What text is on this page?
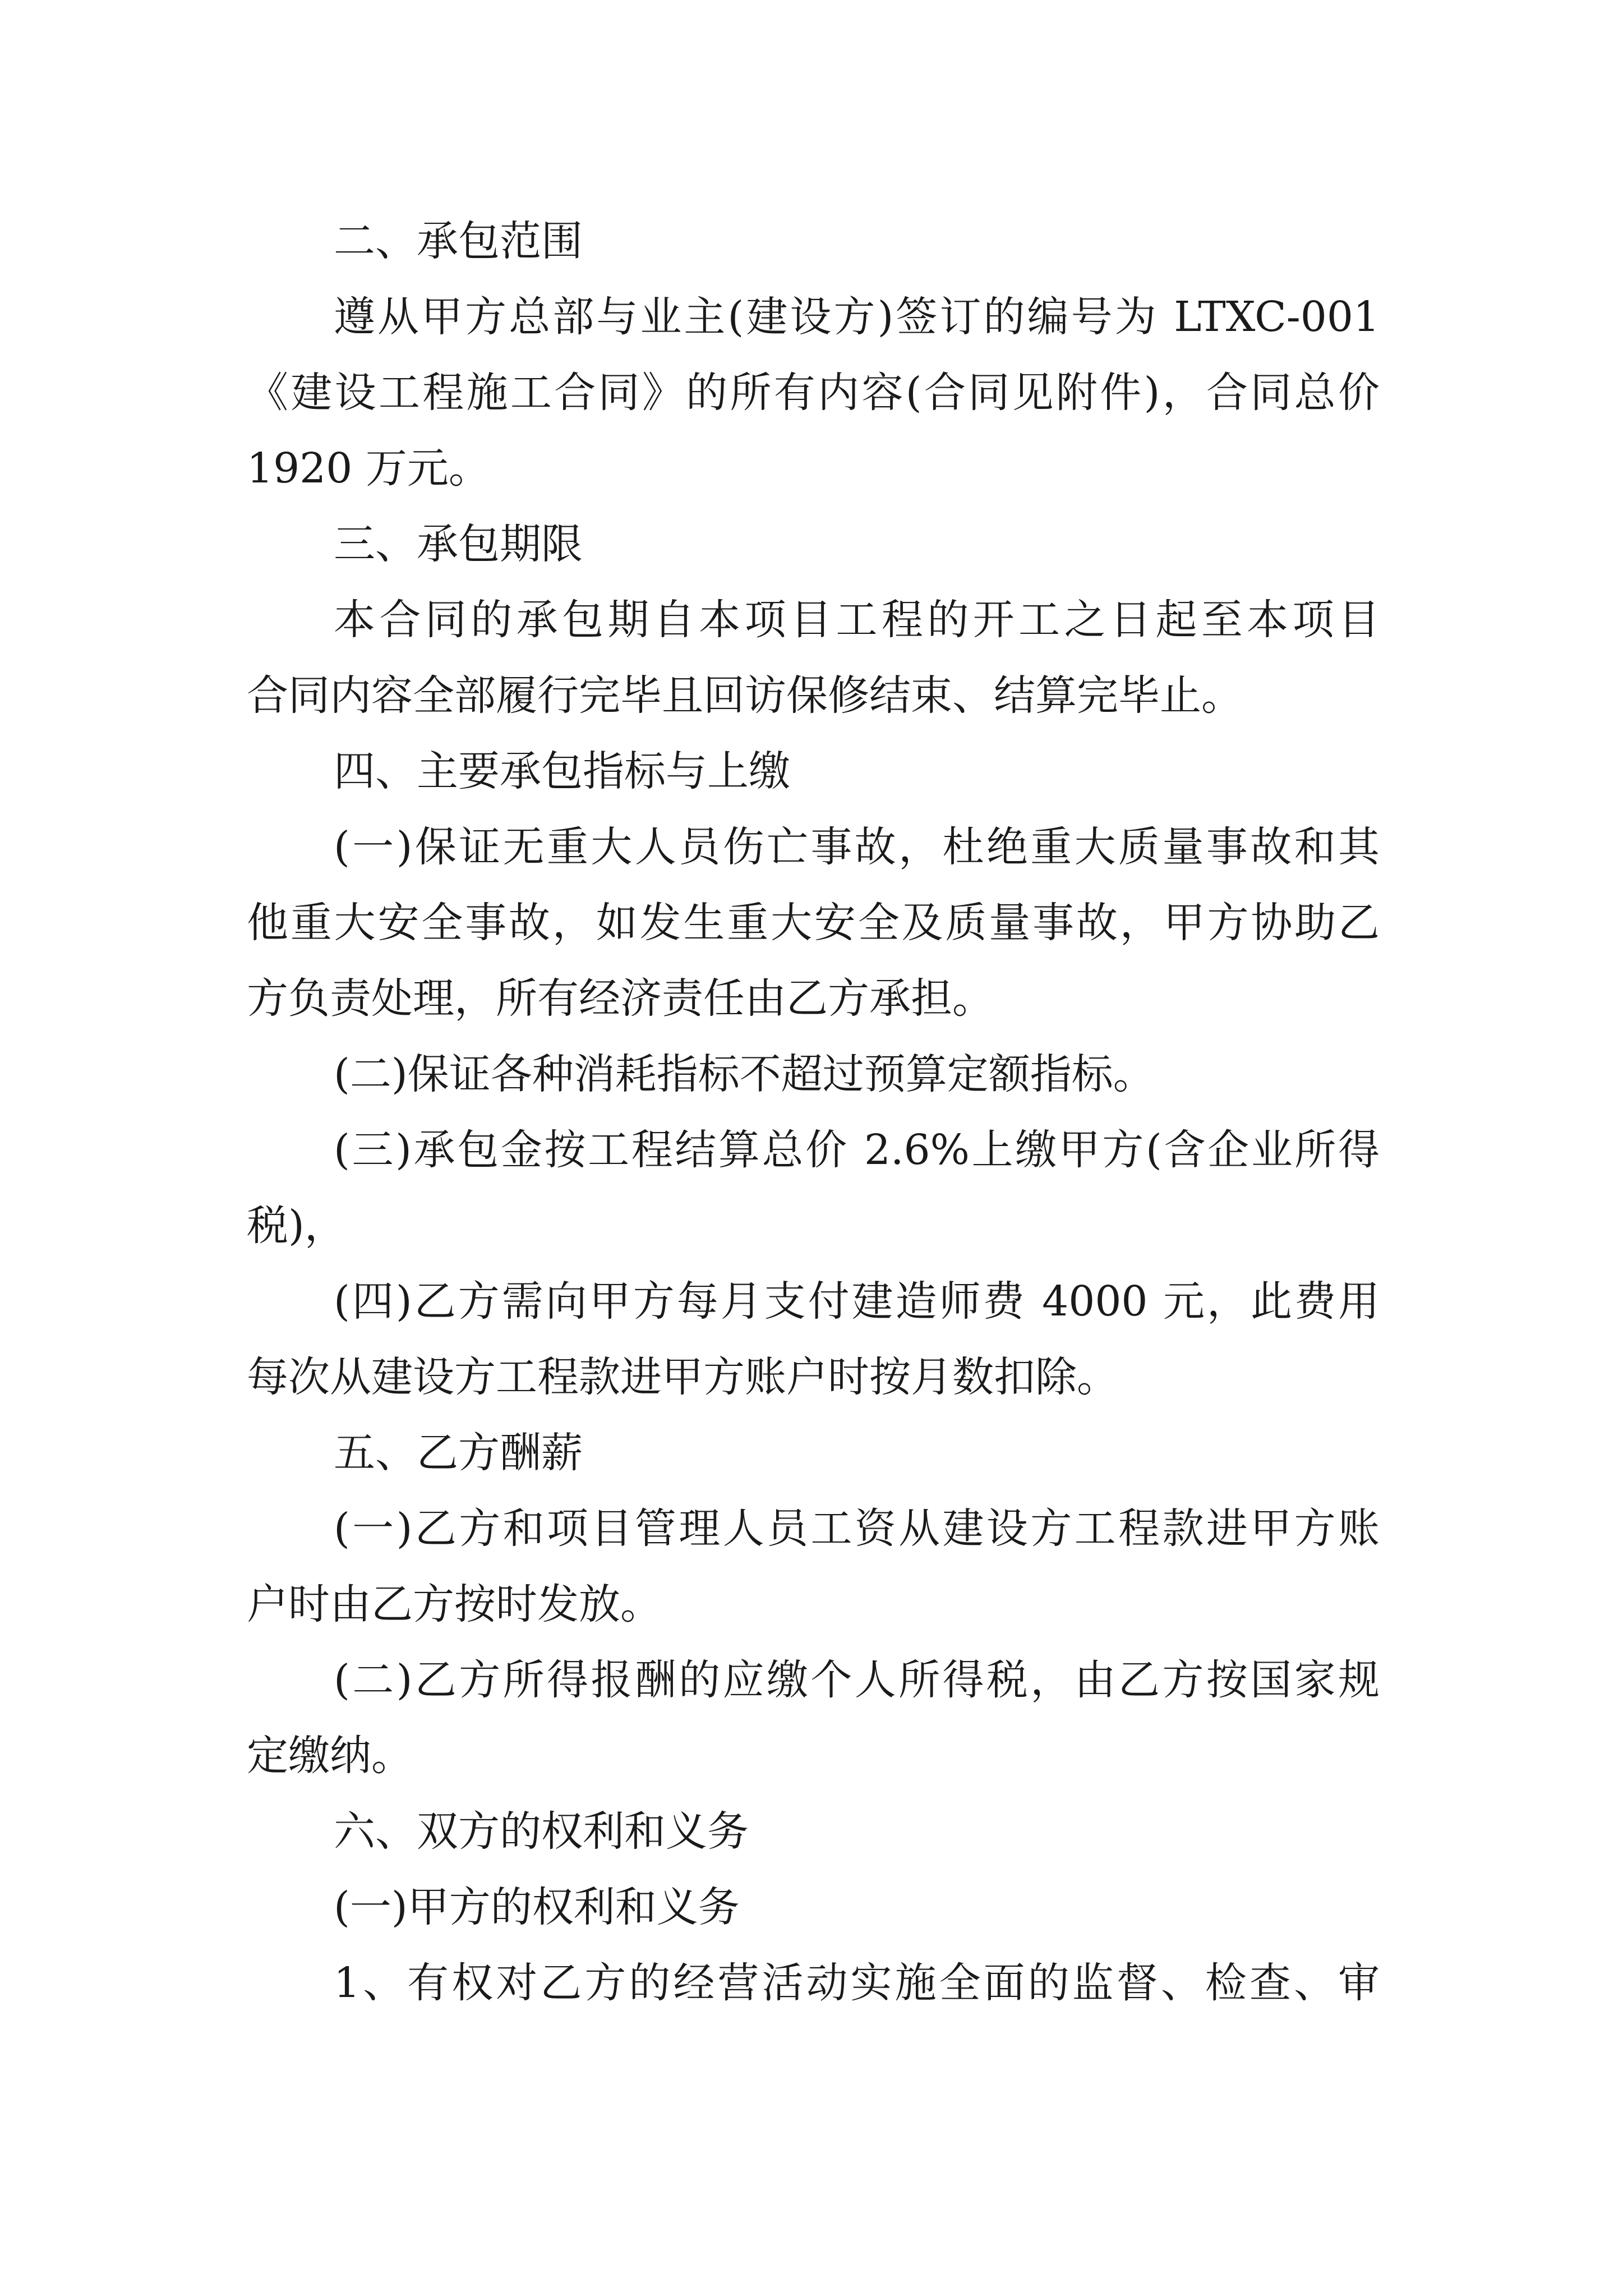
二、承包范围
遵从甲方总部与业主(建设方)签订的编号为 LTXC-001
《建设工程施工合同》的所有内容(合同见附件)，合同总价
1920 万元。
三、承包期限
本合同的承包期自本项目工程的开工之日起至本项目
合同内容全部履行完毕且回访保修结束、结算完毕止。
四、主要承包指标与上缴
(一)保证无重大人员伤亡事故，杜绝重大质量事故和其
他重大安全事故，如发生重大安全及质量事故，甲方协助乙
方负责处理，所有经济责任由乙方承担。
(二)保证各种消耗指标不超过预算定额指标。
(三)承包金按工程结算总价 2.6%上缴甲方(含企业所得
税)，
(四)乙方需向甲方每月支付建造师费 4000 元，此费用
每次从建设方工程款进甲方账户时按月数扣除。
五、乙方酬薪
(一)乙方和项目管理人员工资从建设方工程款进甲方账
户时由乙方按时发放。
(二)乙方所得报酬的应缴个人所得税，由乙方按国家规
定缴纳。
六、双方的权利和义务
(一)甲方的权利和义务
1、有权对乙方的经营活动实施全面的监督、检查、审
